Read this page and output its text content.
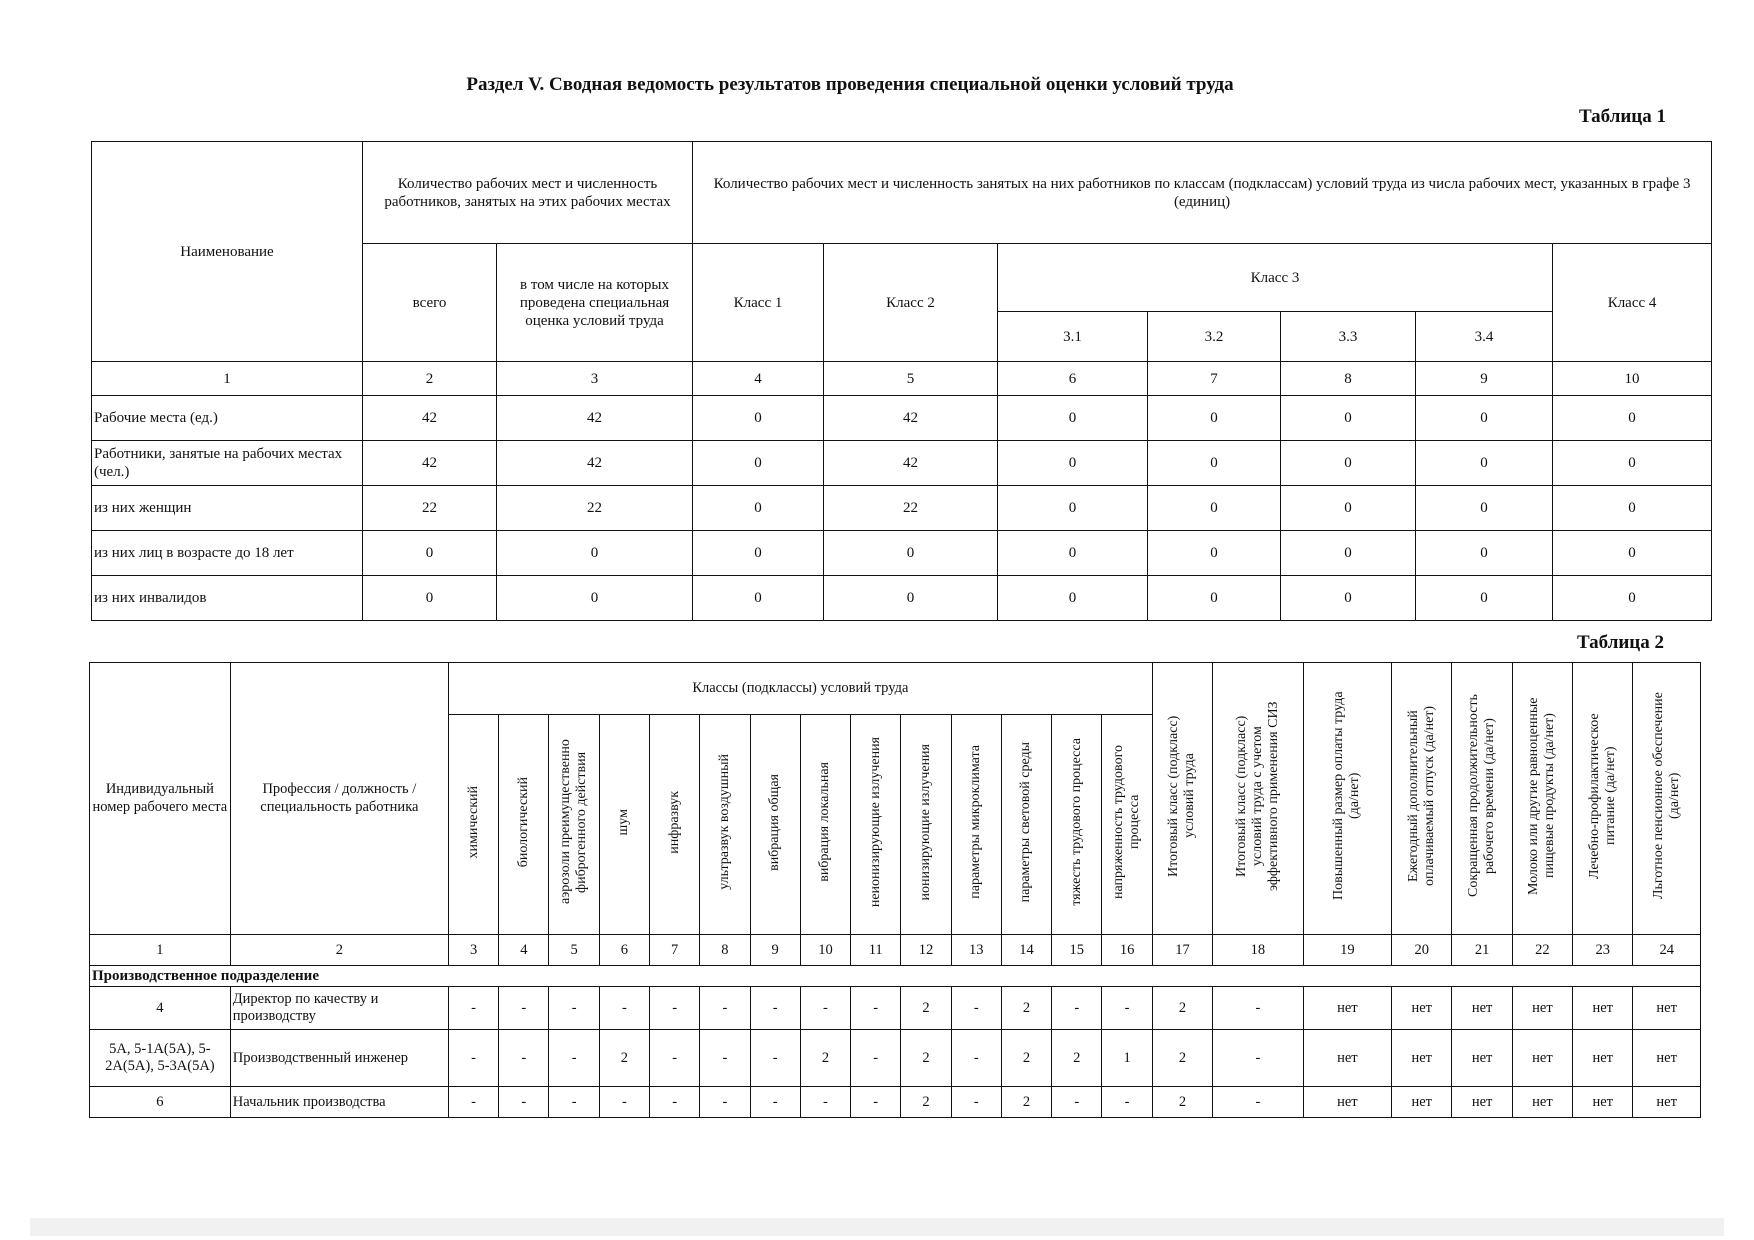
Раздел V. Сводная ведомость результатов проведения специальной оценки условий труда
Таблица 1
Наименование	Количество рабочих мест и численность работников, занятых на этих рабочих местах		Количество рабочих мест и численность занятых на них работников по классам (подклассам) условий труда из числа рабочих мест, указанных в графе 3 (единиц)						
	всего	в том числе на которых проведена специальная оценка условий труда	Класс 1	Класс 2	Класс 3				Класс 4
					3.1	3.2	3.3	3.4	
1	2	3	4	5	6	7	8	9	10
Рабочие места (ед.)	42	42	0	42	0	0	0	0	0
Работники, занятые на рабочих местах (чел.)	42	42	0	42	0	0	0	0	0
из них женщин	22	22	0	22	0	0	0	0	0
из них лиц в возрасте до 18 лет	0	0	0	0	0	0	0	0	0
из них инвалидов	0	0	0	0	0	0	0	0	0
Таблица 2
Индивидуальный номер рабочего места	Профессия / должность / специальность работника	Классы (подклассы) условий труда														Итоговый класс (подкласс) условий труда	Итоговый класс (подкласс) условий труда с учетом эффективного применения СИЗ	Повышенный размер оплаты труда (да/нет)	Ежегодный дополнительный оплачиваемый отпуск (да/нет)	Сокращенная продолжительность рабочего времени (да/нет)	Молоко или другие равноценные пищевые продукты (да/нет)	Лечебно-профилактическое питание (да/нет)	Льготное пенсионное обеспечение (да/нет)
		химический	биологический	аэрозоли преимущественно фиброгенного действия	шум	инфразвук	ультразвук воздушный	вибрация общая	вибрация локальная	неионизирующие излучения	ионизирующие излучения	параметры микроклимата	параметры световой среды	тяжесть трудового процесса	напряженность трудового процесса								
1	2	3	4	5	6	7	8	9	10	11	12	13	14	15	16	17	18	19	20	21	22	23	24
Производственное подразделение																							
4	Директор по качеству и производству	-	-	-	-	-	-	-	-	-	2	-	2	-	-	2	-	нет	нет	нет	нет	нет	нет
5А, 5-1А(5А), 5-2А(5А), 5-3А(5А)	Производственный инженер	-	-	-	2	-	-	-	2	-	2	-	2	2	1	2	-	нет	нет	нет	нет	нет	нет
6	Начальник производства	-	-	-	-	-	-	-	-	-	2	-	2	-	-	2	-	нет	нет	нет	нет	нет	нет
